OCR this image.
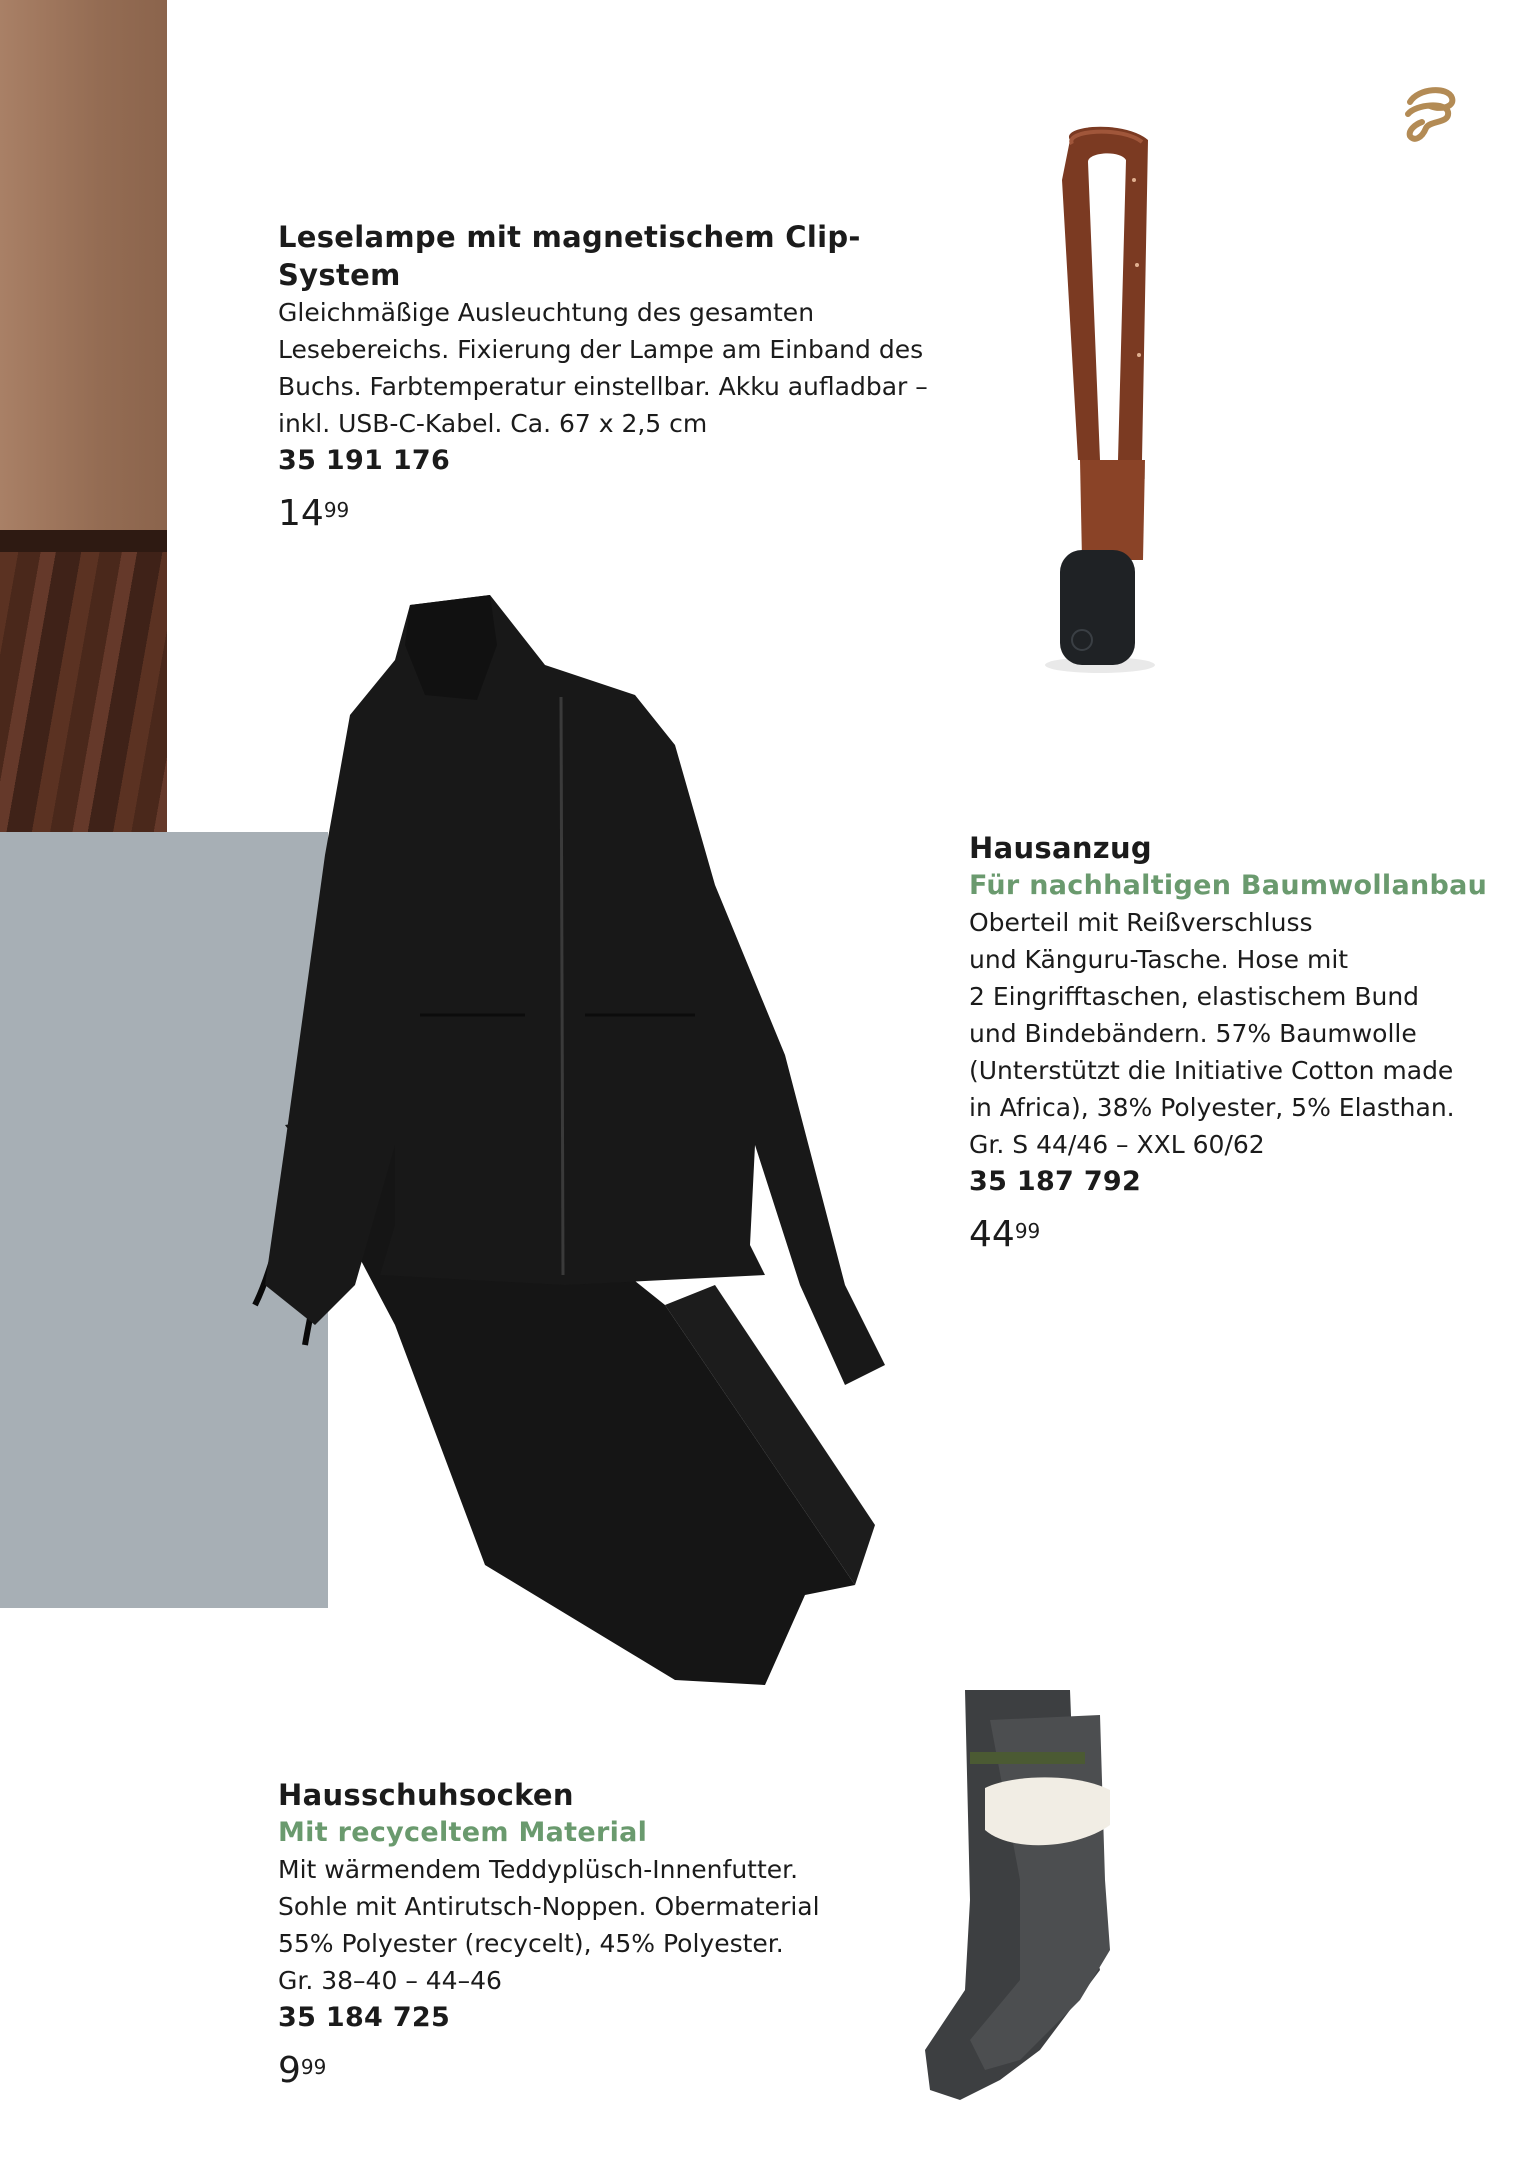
Leselampe mit magnetischem Clip-System

Gleichmäßige Ausleuchtung des gesamten

Lesebereichs. Fixierung der Lampe am Einband des

Buchs. Farbtemperatur einstellbar. Akku aufladbar –

inkl. USB-C-Kabel. Ca. 67 x 2,5 cm

35 191 176
$14^{99}$
Hausanzug
Für nachhaltigen Baumwollanbau

Oberteil mit Reißverschluss

und Känguru-Tasche. Hose mit

2 Eingrifftaschen, elastischem Bund

und Bindebändern. 57% Baumwolle

(Unterstützt die Initiative Cotton made

in Africa), 38% Polyester, 5% Elasthan.

Gr. S 44/46 – XXL 60/62

35 187 792
$44^{99}$
Hausschuhsocken
Mit recyceltem Material

Mit wärmendem Teddyplüsch-Innenfutter.

Sohle mit Antirutsch-Noppen. Obermaterial

55% Polyester (recycelt), 45% Polyester.

Gr. 38–40 – 44–46

35 184 725
$9^{99}$
